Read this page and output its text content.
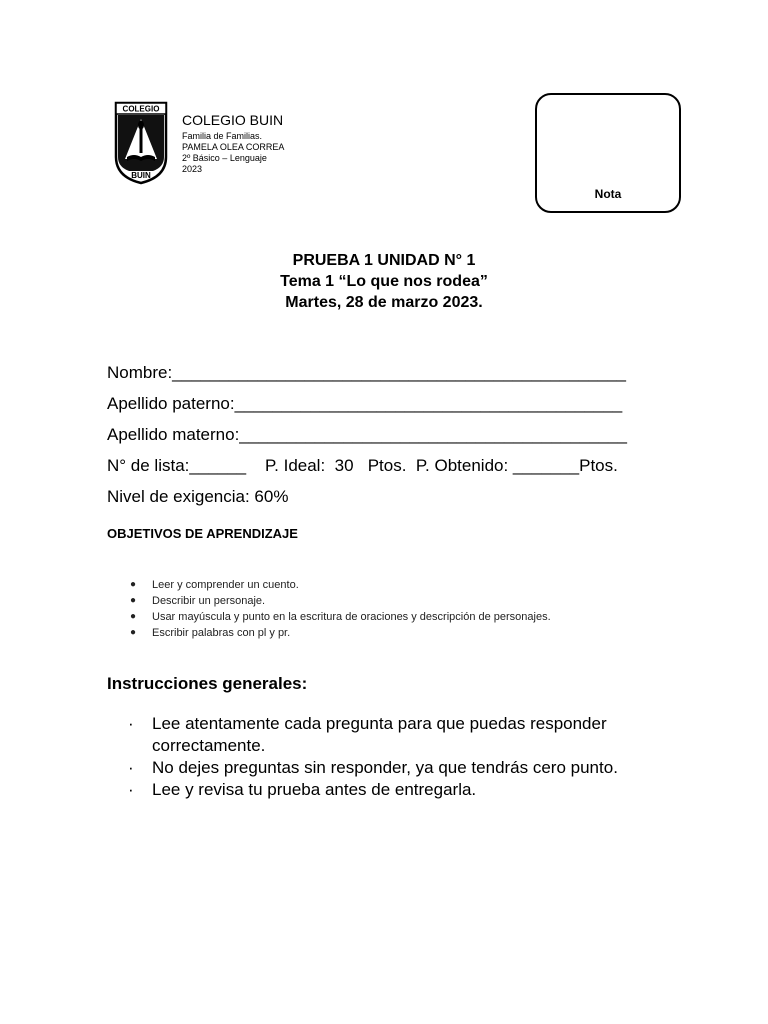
COLEGIO
BUIN
COLEGIO BUIN
Familia de Familias.
PAMELA OLEA CORREA
2º Básico – Lenguaje
2023
Nota
PRUEBA 1 UNIDAD N° 1
Tema 1 “Lo que nos rodea”
Martes, 28 de marzo 2023.
Nombre:________________________________________________
Apellido paterno:_________________________________________
Apellido materno:_________________________________________
N° de lista:______    P. Ideal:  30   Ptos.  P. Obtenido: _______Ptos.
Nivel de exigencia: 60%
OBJETIVOS DE APRENDIZAJE
● Leer y comprender un cuento.
● Describir un personaje.
● Usar mayúscula y punto en la escritura de oraciones y descripción de personajes.
● Escribir palabras con pl y pr.
Instrucciones generales:
· Lee atentamente cada pregunta para que puedas responder correctamente.
· No dejes preguntas sin responder, ya que tendrás cero punto.
· Lee y revisa tu prueba antes de entregarla.
